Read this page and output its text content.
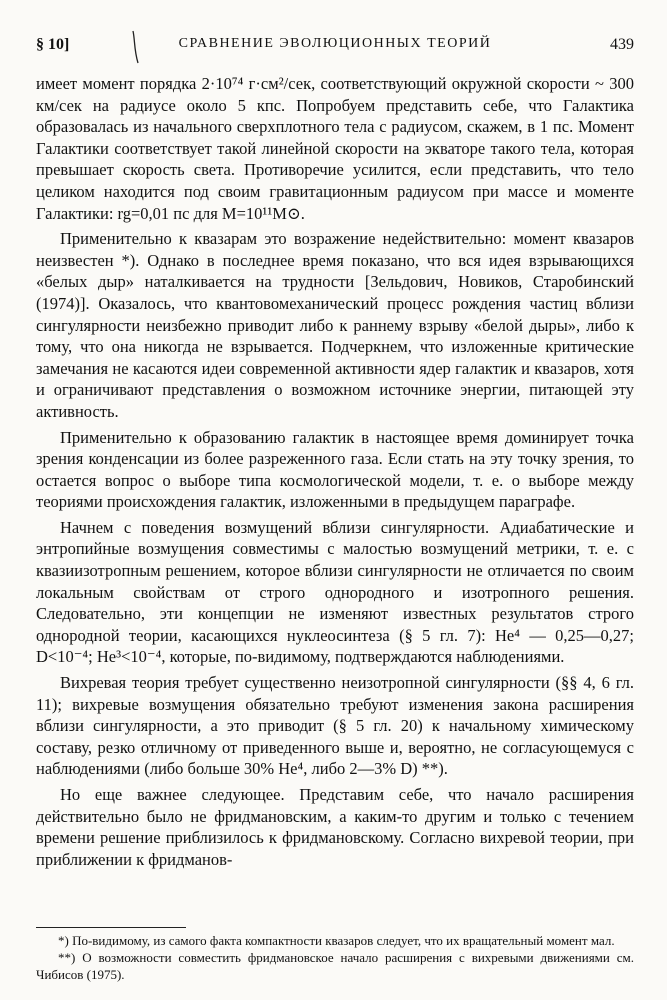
§ 10]	СРАВНЕНИЕ ЭВОЛЮЦИОННЫХ ТЕОРИЙ	439

имеет момент порядка 2·10⁷⁴ г·см²/сек, соответствующий окружной скорости ~ 300 км/сек на радиусе около 5 кпс. Попробуем представить себе, что Галактика образовалась из начального сверхплотного тела с радиусом, скажем, в 1 пс. Момент Галактики соответствует такой линейной скорости на экваторе такого тела, которая превышает скорость света. Противоречие усилится, если представить, что тело целиком находится под своим гравитационным радиусом при массе и моменте Галактики: rg=0,01 пс для M=10¹¹M⊙.

Применительно к квазарам это возражение недействительно: момент квазаров неизвестен *). Однако в последнее время показано, что вся идея взрывающихся «белых дыр» наталкивается на трудности [Зельдович, Новиков, Старобинский (1974)]. Оказалось, что квантовомеханический процесс рождения частиц вблизи сингулярности неизбежно приводит либо к раннему взрыву «белой дыры», либо к тому, что она никогда не взрывается. Подчеркнем, что изложенные критические замечания не касаются идеи современной активности ядер галактик и квазаров, хотя и ограничивают представления о возможном источнике энергии, питающей эту активность.

Применительно к образованию галактик в настоящее время доминирует точка зрения конденсации из более разреженного газа. Если стать на эту точку зрения, то остается вопрос о выборе типа космологической модели, т. е. о выборе между теориями происхождения галактик, изложенными в предыдущем параграфе.

Начнем с поведения возмущений вблизи сингулярности. Адиабатические и энтропийные возмущения совместимы с малостью возмущений метрики, т. е. с квазиизотропным решением, которое вблизи сингулярности не отличается по своим локальным свойствам от строго однородного и изотропного решения. Следовательно, эти концепции не изменяют известных результатов строго однородной теории, касающихся нуклеосинтеза (§ 5 гл. 7): He⁴ — 0,25—0,27; D<10⁻⁴; He³<10⁻⁴, которые, по-видимому, подтверждаются наблюдениями.

Вихревая теория требует существенно неизотропной сингулярности (§§ 4, 6 гл. 11); вихревые возмущения обязательно требуют изменения закона расширения вблизи сингулярности, а это приводит (§ 5 гл. 20) к начальному химическому составу, резко отличному от приведенного выше и, вероятно, не согласующемуся с наблюдениями (либо больше 30% He⁴, либо 2—3% D) **).

Но еще важнее следующее. Представим себе, что начало расширения действительно было не фридмановским, а каким-то другим и только с течением времени решение приблизилось к фридмановскому. Согласно вихревой теории, при приближении к фридманов-

*) По-видимому, из самого факта компактности квазаров следует, что их вращательный момент мал.

**) О возможности совместить фридмановское начало расширения с вихревыми движениями см. Чибисов (1975).
